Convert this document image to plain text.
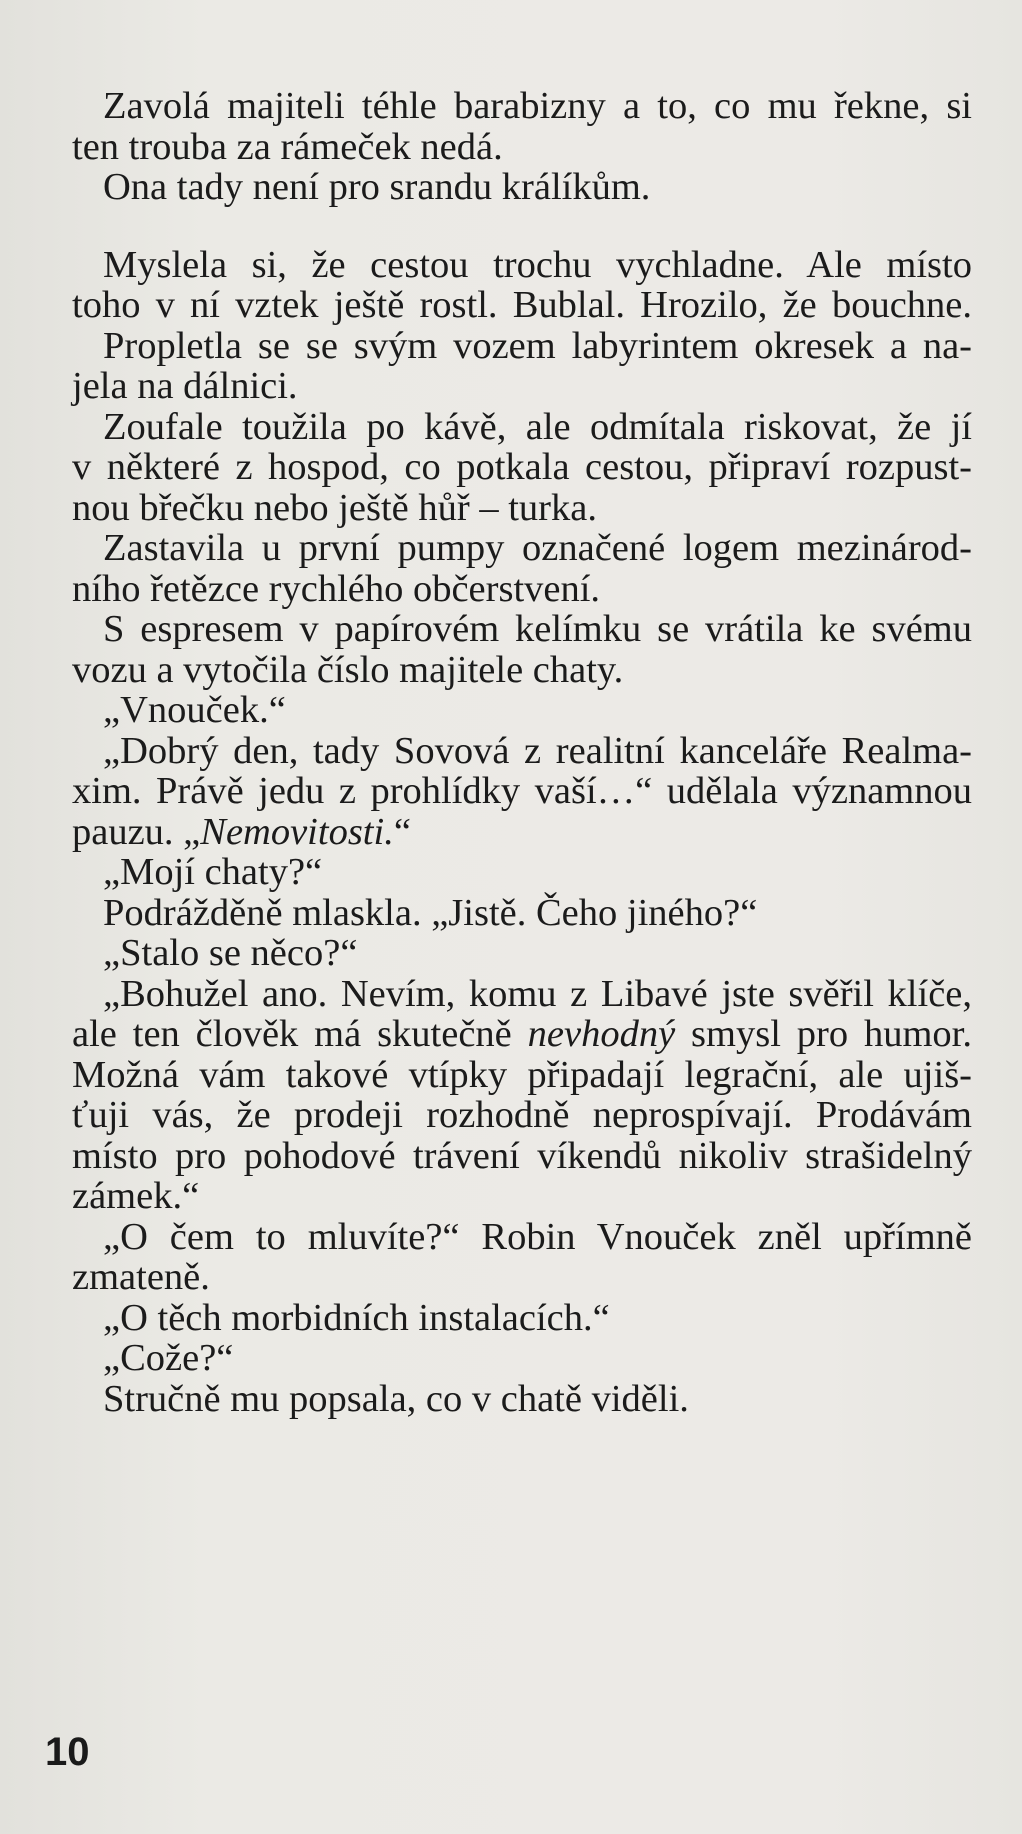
Zavolá majiteli téhle barabizny a to, co mu řekne, si
ten trouba za rámeček nedá.
Ona tady není pro srandu králíkům.
Myslela si, že cestou trochu vychladne. Ale místo
toho v ní vztek ještě rostl. Bublal. Hrozilo, že bouchne.
Propletla se se svým vozem labyrintem okresek a na-
jela na dálnici.
Zoufale toužila po kávě, ale odmítala riskovat, že jí
v některé z hospod, co potkala cestou, připraví rozpust-
nou břečku nebo ještě hůř – turka.
Zastavila u první pumpy označené logem mezinárod-
ního řetězce rychlého občerstvení.
S espresem v papírovém kelímku se vrátila ke svému
vozu a vytočila číslo majitele chaty.
„Vnouček.“
„Dobrý den, tady Sovová z realitní kanceláře Realma-
xim. Právě jedu z prohlídky vaší…“ udělala významnou
pauzu. „Nemovitosti.“
„Mojí chaty?“
Podrážděně mlaskla. „Jistě. Čeho jiného?“
„Stalo se něco?“
„Bohužel ano. Nevím, komu z Libavé jste svěřil klíče,
ale ten člověk má skutečně nevhodný smysl pro humor.
Možná vám takové vtípky připadají legrační, ale ujiš-
ťuji vás, že prodeji rozhodně neprospívají. Prodávám
místo pro pohodové trávení víkendů nikoliv strašidelný
zámek.“
„O čem to mluvíte?“ Robin Vnouček zněl upřímně
zmateně.
„O těch morbidních instalacích.“
„Cože?“
Stručně mu popsala, co v chatě viděli.
10
